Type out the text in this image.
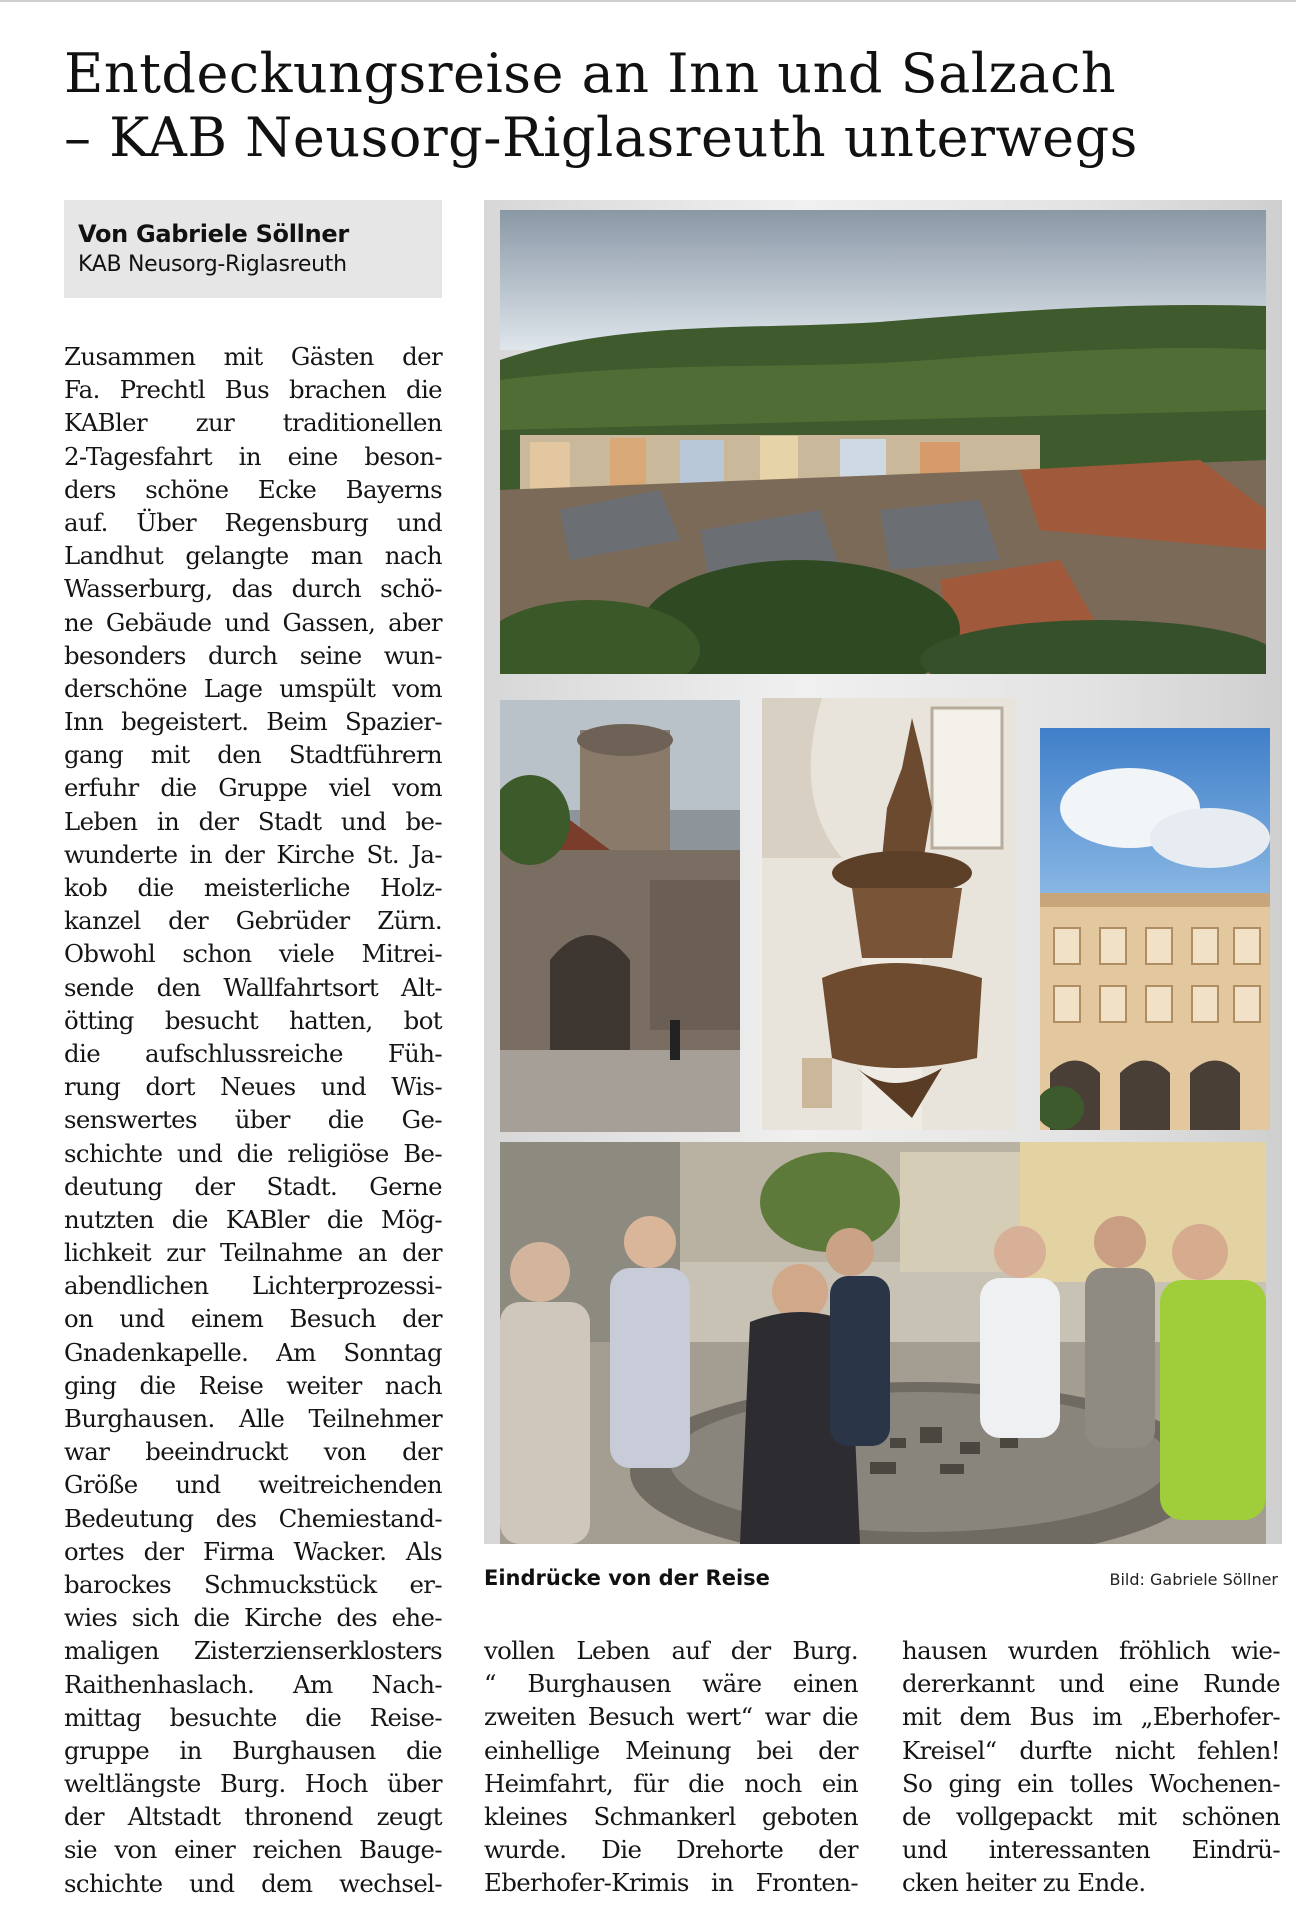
Entdeckungsreise an Inn und Salzach
– KAB Neusorg-Riglasreuth unterwegs
Von Gabriele Söllner
KAB Neusorg-Riglasreuth
Zusammen mit Gästen der
Fa. Prechtl Bus brachen die
KABler zur traditionellen
2-Tagesfahrt in eine beson-
ders schöne Ecke Bayerns
auf. Über Regensburg und
Landhut gelangte man nach
Wasserburg, das durch schö-
ne Gebäude und Gassen, aber
besonders durch seine wun-
derschöne Lage umspült vom
Inn begeistert. Beim Spazier-
gang mit den Stadtführern
erfuhr die Gruppe viel vom
Leben in der Stadt und be-
wunderte in der Kirche St. Ja-
kob die meisterliche Holz-
kanzel der Gebrüder Zürn.
Obwohl schon viele Mitrei-
sende den Wallfahrtsort Alt-
ötting besucht hatten, bot
die aufschlussreiche Füh-
rung dort Neues und Wis-
senswertes über die Ge-
schichte und die religiöse Be-
deutung der Stadt. Gerne
nutzten die KABler die Mög-
lichkeit zur Teilnahme an der
abendlichen Lichterprozessi-
on und einem Besuch der
Gnadenkapelle. Am Sonntag
ging die Reise weiter nach
Burghausen. Alle Teilnehmer
war beeindruckt von der
Größe und weitreichenden
Bedeutung des Chemiestand-
ortes der Firma Wacker. Als
barockes Schmuckstück er-
wies sich die Kirche des ehe-
maligen Zisterzienserklosters
Raithenhaslach. Am Nach-
mittag besuchte die Reise-
gruppe in Burghausen die
weltlängste Burg. Hoch über
der Altstadt thronend zeugt
sie von einer reichen Bauge-
schichte und dem wechsel-
Eindrücke von der Reise	Bild: Gabriele Söllner
vollen Leben auf der Burg.
“ Burghausen wäre einen
zweiten Besuch wert“ war die
einhellige Meinung bei der
Heimfahrt, für die noch ein
kleines Schmankerl geboten
wurde. Die Drehorte der
Eberhofer-Krimis in Fronten-
hausen wurden fröhlich wie-
dererkannt und eine Runde
mit dem Bus im „Eberhofer-
Kreisel“ durfte nicht fehlen!
So ging ein tolles Wochenen-
de vollgepackt mit schönen
und interessanten Eindrü-
cken heiter zu Ende.
